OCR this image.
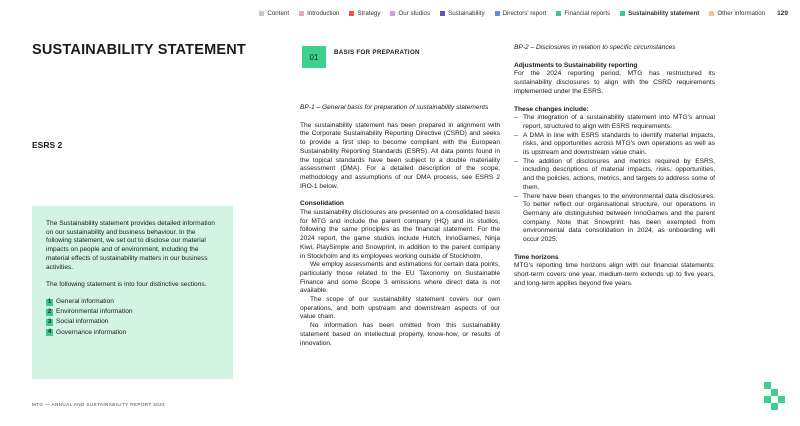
Content	Introduction	Strategy	Our studios	Sustainability	Directors' report	Financial reports	Sustainability statement	Other information 129
SUSTAINABILITY STATEMENT
ESRS 2

The Sustainability statement provides detailed information on our sustainability and business behaviour. In the following statement, we set out to disclose our material impacts on people and of environment, including the material effects of sustainability matters in our business activities.

The following statement is into four distinctive sections.

1 General information
2 Environmental information
3 Social information
4 Governance information
MTG — ANNUAL AND SUSTAINABILITY REPORT 2024
01	BASIS FOR PREPARATION

BP-1 – General basis for preparation of sustainability statements

The sustainability statement has been prepared in alignment with the Corporate Sustainability Reporting Directive (CSRD) and seeks to provide a first step to become compliant with the European Sustainability Reporting Standards (ESRS). All data points found in the topical standards have been subject to a double materiality assessment (DMA). For a detailed description of the scope, methodology and assumptions of our DMA process, see ESRS 2 IRO-1 below.

Consolidation

The sustainability disclosures are presented on a consolidated basis for MTG and include the parent company (HQ) and its studios, following the same principles as the financial statement. For the 2024 report, the game studios include Hutch, InnoGames, Ninja Kiwi, PlaySimple and Snowprint, in addition to the parent company in Stockholm and its employees working outside of Stockholm.

We employ assessments and estimations for certain data points, particularly those related to the EU Taxonomy on Sustainable Finance and some Scope 3 emissions where direct data is not available.

The scope of our sustainability statement covers our own operations, and both upstream and downstream aspects of our value chain.

No information has been omitted from this sustainability statement based on intellectual property, know-how, or results of innovation.

BP-2 – Disclosures in relation to specific circumstances

Adjustments to Sustainability reporting

For the 2024 reporting period, MTG has restructured its sustainability disclosures to align with the CSRD requirements implemented under the ESRS.

These changes include:

– The integration of a sustainability statement into MTG's annual report, structured to align with ESRS requirements.
– A DMA in line with ESRS standards to identify material impacts, risks, and opportunities across MTG's own operations as well as its upstream and downstream value chain.
– The addition of disclosures and metrics required by ESRS, including descriptions of material impacts, risks, opportunities, and the policies, actions, metrics, and targets to address some of them.
– There have been changes to the environmental data disclosures. To better reflect our organisational structure, our operations in Germany are distinguished between InnoGames and the parent company. Note that Snowprint has been exempted from environmental data consolidation in 2024, as onboarding will occur 2025.

Time horizons

MTG's reporting time horizons align with our financial statements: short-term covers one year, medium-term extends up to five years, and long-term applies beyond five years.
